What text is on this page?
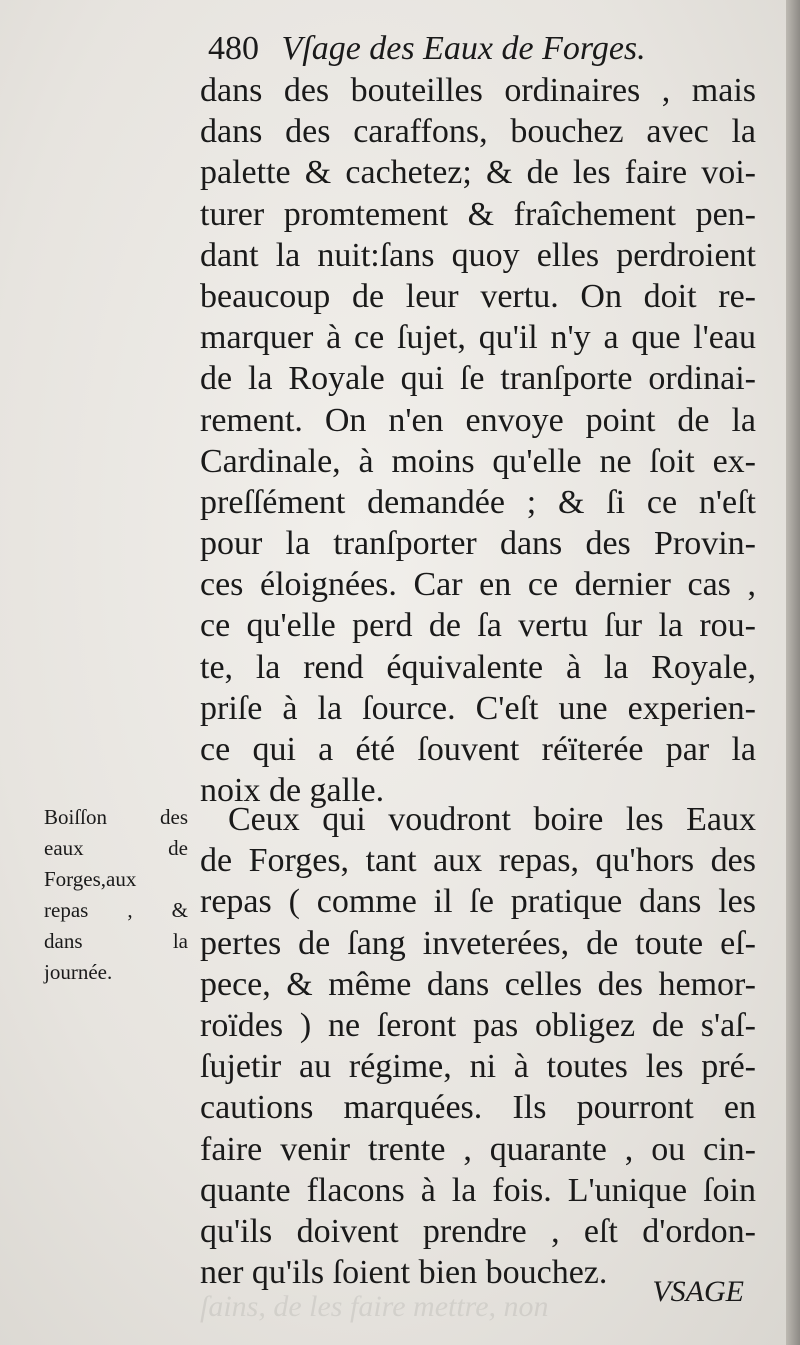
ſains, de les faire mettre, non
480 Vſage des Eaux de Forges.
dans des bouteilles ordinaires , mais
dans des caraffons, bouchez avec la
palette & cachetez; & de les faire voi-
turer promtement & fraîchement pen-
dant la nuit:ſans quoy elles perdroient
beaucoup de leur vertu. On doit re-
marquer à ce ſujet, qu'il n'y a que l'eau
de la Royale qui ſe tranſporte ordinai-
rement. On n'en envoye point de la
Cardinale, à moins qu'elle ne ſoit ex-
preſſément demandée ; & ſi ce n'eſt
pour la tranſporter dans des Provin-
ces éloignées. Car en ce dernier cas ,
ce qu'elle perd de ſa vertu ſur la rou-
te, la rend équivalente à la Royale,
priſe à la ſource. C'eſt une experien-
ce qui a été ſouvent réïterée par la
noix de galle.
Ceux qui voudront boire les Eaux
de Forges, tant aux repas, qu'hors des
repas ( comme il ſe pratique dans les
pertes de ſang inveterées, de toute eſ-
pece, & même dans celles des hemor-
roïdes ) ne ſeront pas obligez de s'aſ-
ſujetir au régime, ni à toutes les pré-
cautions marquées. Ils pourront en
faire venir trente , quarante , ou cin-
quante flacons à la fois. L'unique ſoin
qu'ils doivent prendre , eſt d'ordon-
ner qu'ils ſoient bien bouchez.
Boiſſon des
eaux de
Forges,aux
repas , &
dans la
journée.
VSAGE
